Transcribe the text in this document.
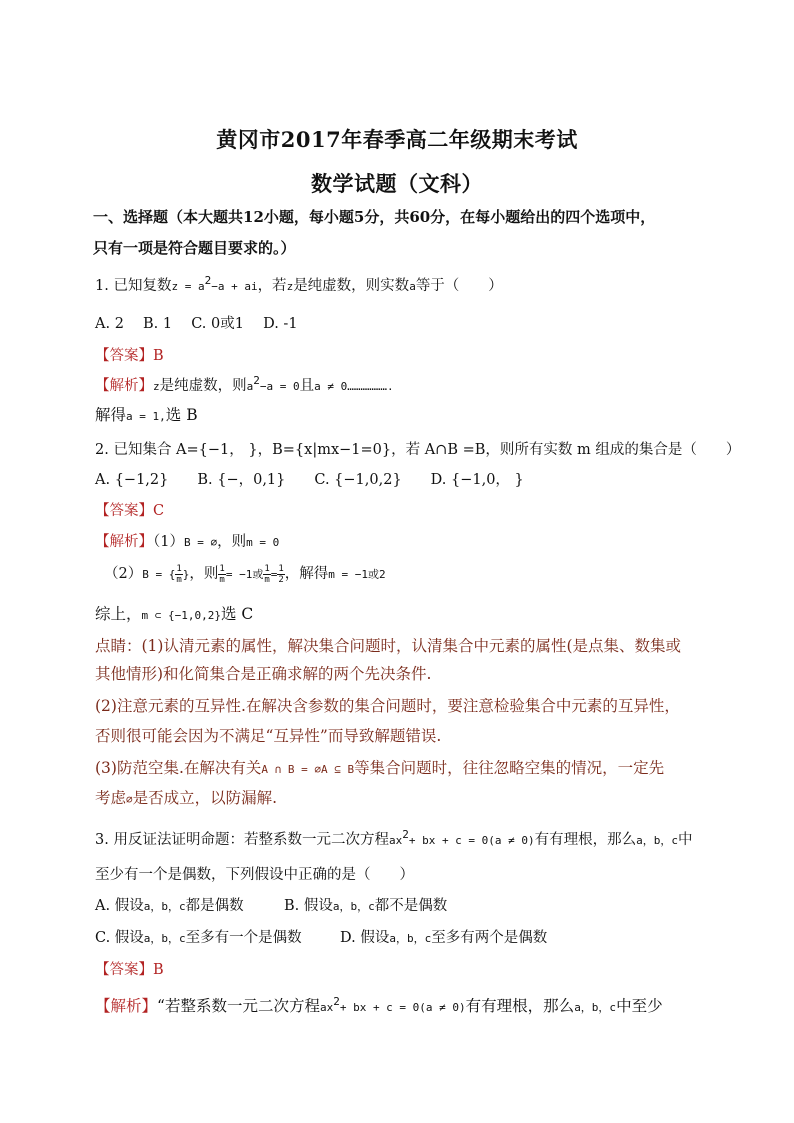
黄冈市2017年春季高二年级期末考试
数学试题（文科）
一、选择题（本大题共12小题，每小题5分，共60分，在每小题给出的四个选项中，
只有一项是符合题目要求的。）
1. 已知复数$z = a^2-a$ + ai，若z是纯虚数，则实数a等于（　　）
A. 2　 B. 1　 C. 0或1　 D. -1
【答案】B
【解析】z是纯虚数，则$a^2-a = 0$且a ≠ 0……………….
解得a = 1,选 B
2. 已知集合 A={−1， }，B={x|mx−1=0}，若 A∩B =B，则所有实数 m 组成的集合是（　　）
A. {−1,2}　　B. {−，0,1}　　C. {−1,0,2}　　D. {−1,0， }
【答案】C
【解析】（1）B = ∅，则m = 0
（2）B = { $\frac{1}{m}$ }，则 $\frac{1}{m} = -1$或 $\frac{1}{m} = \frac{1}{2}$ ，解得m = −1或2
综上，m ⊂ {−1,0,2}选 C
点睛：(1)认清元素的属性，解决集合问题时，认清集合中元素的属性(是点集、数集或
其他情形)和化简集合是正确求解的两个先决条件.
(2)注意元素的互异性.在解决含参数的集合问题时，要注意检验集合中元素的互异性，
否则很可能会因为不满足“互异性”而导致解题错误.
(3)防范空集.在解决有关A ∩ B = ∅A ⊆ B等集合问题时，往往忽略空集的情况，一定先
考虑∅是否成立，以防漏解.
3. 用反证法证明命题：若整系数一元二次方程$ax^2+$ bx + c = 0(a ≠ 0)有有理根，那么a，b，c中
至少有一个是偶数，下列假设中正确的是（　　）
A. 假设a，b，c都是偶数	B. 假设a，b，c都不是偶数
C. 假设a，b，c至多有一个是偶数	D. 假设a，b，c至多有两个是偶数
【答案】B
【解析】“若整系数一元二次方程$ax^2+$ bx + c = 0(a ≠ 0)有有理根，那么a，b，c中至少
